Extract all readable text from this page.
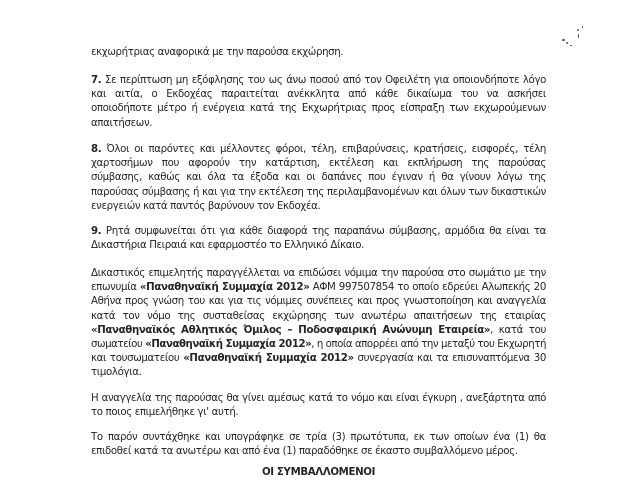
εκχωρήτριας αναφορικά με την παρούσα εκχώρηση.
7. Σε περίπτωση μη εξόφλησης του ως άνω ποσού από τον Οφειλέτη για οποιονδήποτε λόγο
και αιτία, ο Εκδοχέας παραιτείται ανέκκλητα από κάθε δικαίωμα του να ασκήσει
οποιοδήποτε μέτρο ή ενέργεια κατά της Εκχωρήτριας προς είσπραξη των εκχωρούμενων
απαιτήσεων.
8. Όλοι οι παρόντες και μέλλοντες φόροι, τέλη, επιβαρύνσεις, κρατήσεις, εισφορές, τέλη
χαρτοσήμων που αφορούν την κατάρτιση, εκτέλεση και εκπλήρωση της παρούσας
σύμβασης, καθώς και όλα τα έξοδα και οι δαπάνες που έγιναν ή θα γίνουν λόγω της
παρούσας σύμβασης ή και για την εκτέλεση της περιλαμβανομένων και όλων των δικαστικών
ενεργειών κατά παντός βαρύνουν τον Εκδοχέα.
9. Ρητά συμφωνείται ότι για κάθε διαφορά της παραπάνω σύμβασης, αρμόδια θα είναι τα
Δικαστήρια Πειραιά και εφαρμοστέο το Ελληνικό Δίκαιο.
Δικαστικός επιμελητής παραγγέλλεται να επιδώσει νόμιμα την παρούσα στο σωμάτιο με την
επωνυμία «Παναθηναϊκή Συμμαχία 2012» ΑΦΜ 997507854 το οποίο εδρεύει Αλωπεκής 20
Αθήνα προς γνώση του και για τις νόμιμες συνέπειες και προς γνωστοποίηση και αναγγελία
κατά τον νόμο της συσταθείσας εκχώρησης των ανωτέρω απαιτήσεων της εταιρίας
«Παναθηναϊκός Αθλητικός Όμιλος – Ποδοσφαιρική Ανώνυμη Εταιρεία», κατά του
σωματείου «Παναθηναϊκή Συμμαχία 2012», η οποία απορρέει από την μεταξύ του Εκχωρητή
και τουσωματείου «Παναθηναϊκή Συμμαχία 2012» συνεργασία και τα επισυναπτόμενα 30
τιμολόγια.
Η αναγγελία της παρούσας θα γίνει αμέσως κατά το νόμο και είναι έγκυρη , ανεξάρτητα από
το ποιος επιμελήθηκε γι' αυτή.
Το παρόν συντάχθηκε και υπογράφηκε σε τρία (3) πρωτότυπα, εκ των οποίων ένα (1) θα
επιδοθεί κατά τα ανωτέρω και από ένα (1) παραδόθηκε σε έκαστο συμβαλλόμενο μέρος.
ΟΙ ΣΥΜΒΑΛΛΟΜΕΝΟΙ
